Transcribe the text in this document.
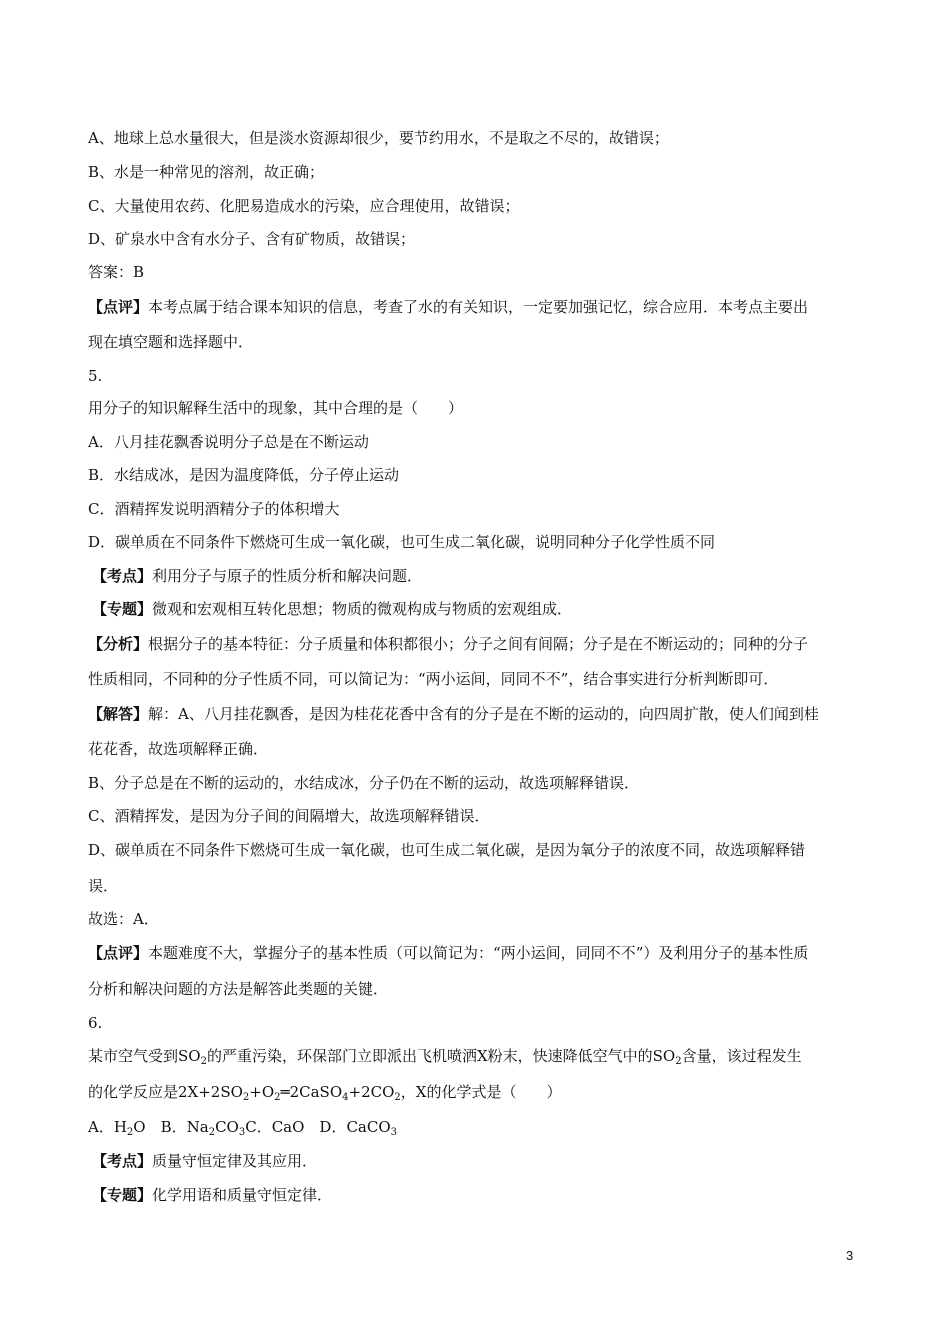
A、地球上总水量很大，但是淡水资源却很少，要节约用水，不是取之不尽的，故错误；
B、水是一种常见的溶剂，故正确；
C、大量使用农药、化肥易造成水的污染，应合理使用，故错误；
D、矿泉水中含有水分子、含有矿物质，故错误；
答案：B
【点评】本考点属于结合课本知识的信息，考查了水的有关知识，一定要加强记忆，综合应用．本考点主要出
现在填空题和选择题中．
5.
用分子的知识解释生活中的现象，其中合理的是（　　）
A．八月挂花飘香说明分子总是在不断运动
B．水结成冰，是因为温度降低，分子停止运动
C．酒精挥发说明酒精分子的体积增大
D．碳单质在不同条件下燃烧可生成一氧化碳，也可生成二氧化碳，说明同种分子化学性质不同
【考点】利用分子与原子的性质分析和解决问题．
【专题】微观和宏观相互转化思想；物质的微观构成与物质的宏观组成．
【分析】根据分子的基本特征：分子质量和体积都很小；分子之间有间隔；分子是在不断运动的；同种的分子
性质相同，不同种的分子性质不同，可以简记为：“两小运间，同同不不”，结合事实进行分析判断即可．
【解答】解：A、八月挂花飘香，是因为桂花花香中含有的分子是在不断的运动的，向四周扩散，使人们闻到桂
花花香，故选项解释正确．
B、分子总是在不断的运动的，水结成冰，分子仍在不断的运动，故选项解释错误．
C、酒精挥发，是因为分子间的间隔增大，故选项解释错误．
D、碳单质在不同条件下燃烧可生成一氧化碳，也可生成二氧化碳，是因为氧分子的浓度不同，故选项解释错
误．
故选：A．
【点评】本题难度不大，掌握分子的基本性质（可以简记为：“两小运间，同同不不”）及利用分子的基本性质
分析和解决问题的方法是解答此类题的关键．
6.
某市空气受到$SO_2$的严重污染，环保部门立即派出飞机喷洒X粉末，快速降低空气中的$SO_2$含量，该过程发生
的化学反应是$2X+2SO_2+O_2═2CaSO_4+2CO_2$，X的化学式是（　　）
A．$H_2O$　B．$Na_2CO_3C$．CaO　D．CaCO$_3$
【考点】质量守恒定律及其应用．
【专题】化学用语和质量守恒定律．
3
